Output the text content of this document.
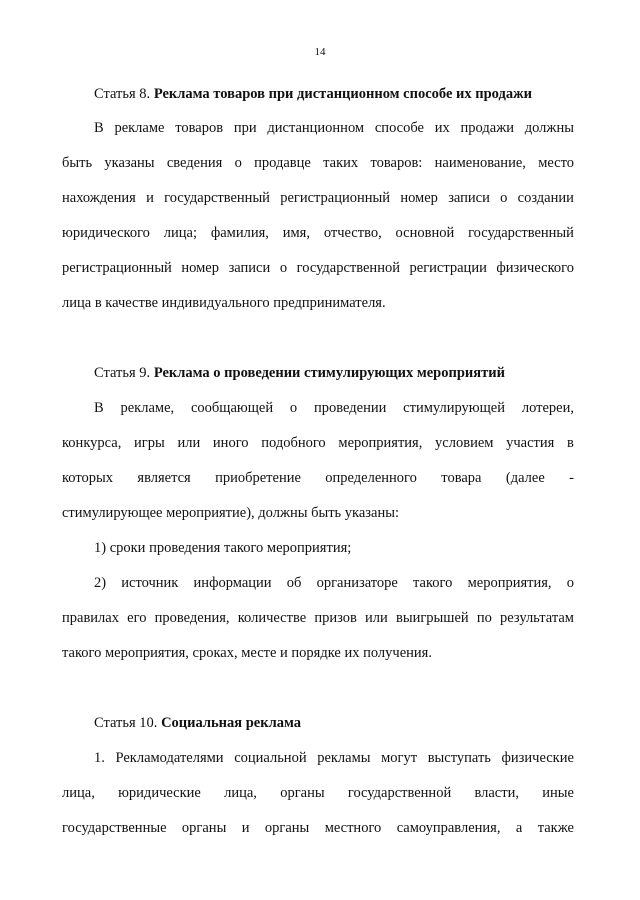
14
Статья 8. Реклама товаров при дистанционном способе их продажи
В рекламе товаров при дистанционном способе их продажи должны
быть указаны сведения о продавце таких товаров: наименование, место
нахождения и государственный регистрационный номер записи о создании
юридического лица; фамилия, имя, отчество, основной государственный
регистрационный номер записи о государственной регистрации физического
лица в качестве индивидуального предпринимателя.
Статья 9. Реклама о проведении стимулирующих мероприятий
В рекламе, сообщающей о проведении стимулирующей лотереи,
конкурса, игры или иного подобного мероприятия, условием участия в
которых является приобретение определенного товара (далее -
стимулирующее мероприятие), должны быть указаны:
1) сроки проведения такого мероприятия;
2) источник информации об организаторе такого мероприятия, о
правилах его проведения, количестве призов или выигрышей по результатам
такого мероприятия, сроках, месте и порядке их получения.
Статья 10. Социальная реклама
1. Рекламодателями социальной рекламы могут выступать физические
лица, юридические лица, органы государственной власти, иные
государственные органы и органы местного самоуправления, а также
